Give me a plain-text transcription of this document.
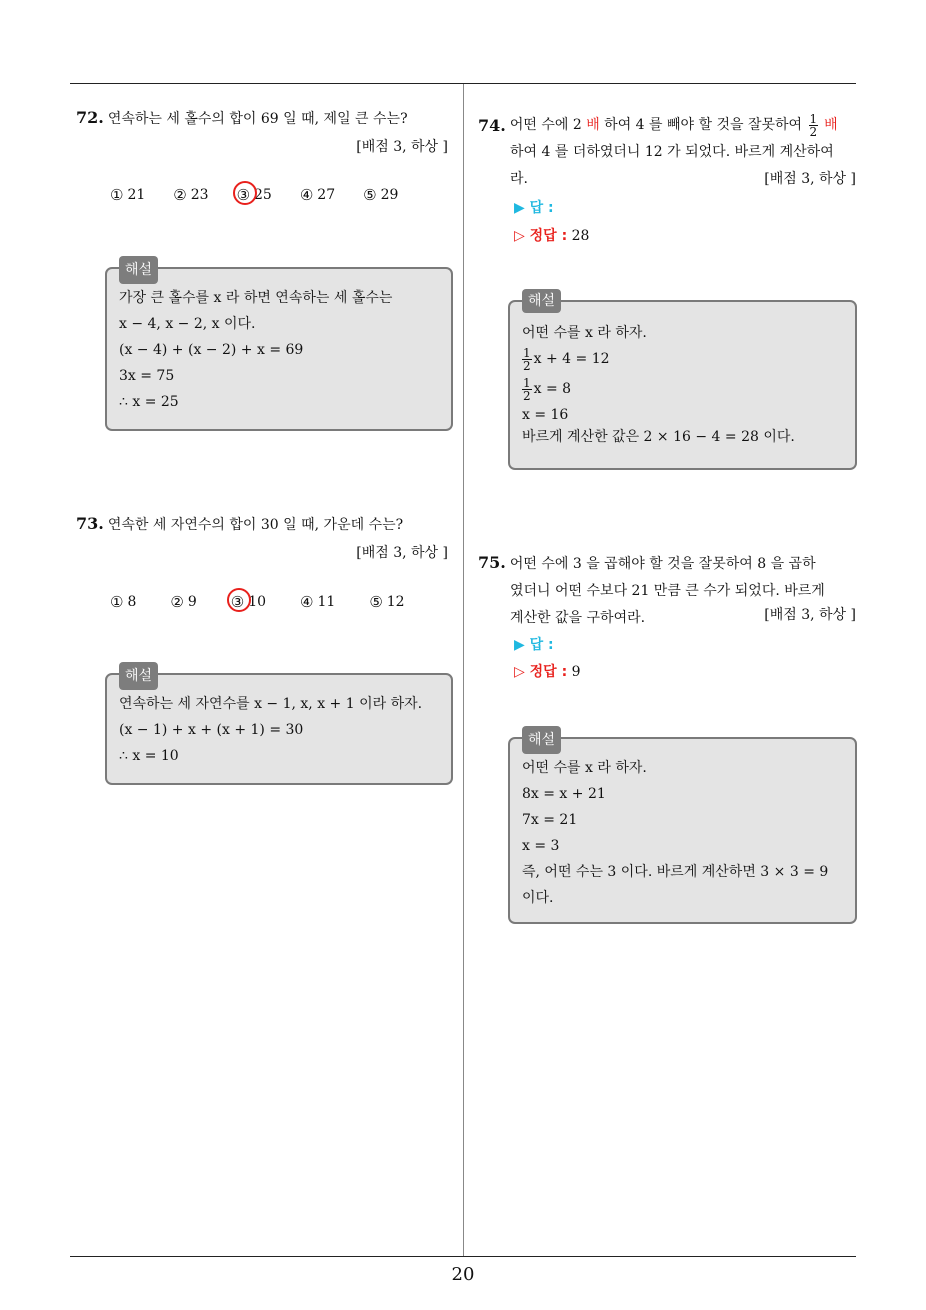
20
72. 연속하는 세 홀수의 합이 69 일 때, 제일 큰 수는?
[배점 3, 하상 ]
① 21 ② 23 ③ 25 ④ 27 ⑤ 29
해설
가장 큰 홀수를 x 라 하면 연속하는 세 홀수는
x − 4, x − 2, x 이다.
(x − 4) + (x − 2) + x = 69
3x = 75
∴ x = 25
73. 연속한 세 자연수의 합이 30 일 때, 가운데 수는?
[배점 3, 하상 ]
① 8 ② 9 ③ 10 ④ 11 ⑤ 12
해설
연속하는 세 자연수를 x − 1, x, x + 1 이라 하자.
(x − 1) + x + (x + 1) = 30
∴ x = 10
74. 어떤 수에 2 배 하여 4 를 빼야 할 것을 잘못하여 $\frac{1}{2}$ 배
하여 4 를 더하였더니 12 가 되었다. 바르게 계산하여
라.	[배점 3, 하상 ]
▶ 답 :
▷ 정답 : 28
해설
어떤 수를 x 라 하자.
$\frac{1}{2}$ x + 4 = 12
$\frac{1}{2}$ x = 8
x = 16
바르게 계산한 값은 2 × 16 − 4 = 28 이다.
75. 어떤 수에 3 을 곱해야 할 것을 잘못하여 8 을 곱하
였더니 어떤 수보다 21 만큼 큰 수가 되었다. 바르게
계산한 값을 구하여라.	[배점 3, 하상 ]
▶ 답 :
▷ 정답 : 9
해설
어떤 수를 x 라 하자.
8x = x + 21
7x = 21
x = 3
즉, 어떤 수는 3 이다. 바르게 계산하면 3 × 3 = 9
이다.
